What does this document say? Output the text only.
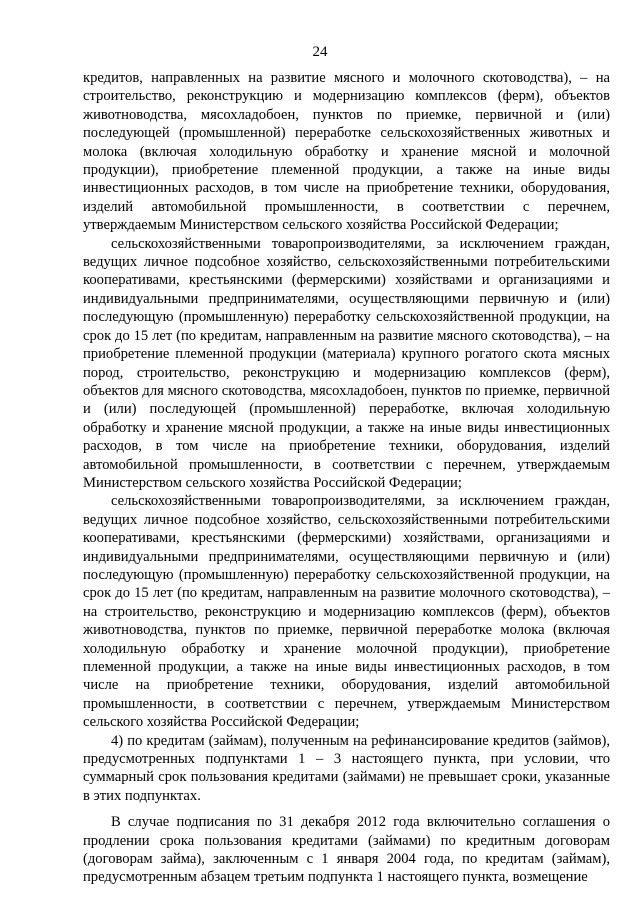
24

кредитов, направленных на развитие мясного и молочного скотоводства), – на строительство, реконструкцию и модернизацию комплексов (ферм), объектов животноводства, мясохладобоен, пунктов по приемке, первичной и (или) последующей (промышленной) переработке сельскохозяйственных животных и молока (включая холодильную обработку и хранение мясной и молочной продукции), приобретение племенной продукции, а также на иные виды инвестиционных расходов, в том числе на приобретение техники, оборудования, изделий автомобильной промышленности, в соответствии с перечнем, утверждаемым Министерством сельского хозяйства Российской Федерации;

сельскохозяйственными товаропроизводителями, за исключением граждан, ведущих личное подсобное хозяйство, сельскохозяйственными потребительскими кооперативами, крестьянскими (фермерскими) хозяйствами и организациями и индивидуальными предпринимателями, осуществляющими первичную и (или) последующую (промышленную) переработку сельскохозяйственной продукции, на срок до 15 лет (по кредитам, направленным на развитие мясного скотоводства), – на приобретение племенной продукции (материала) крупного рогатого скота мясных пород, строительство, реконструкцию и модернизацию комплексов (ферм), объектов для мясного скотоводства, мясохладобоен, пунктов по приемке, первичной и (или) последующей (промышленной) переработке, включая холодильную обработку и хранение мясной продукции, а также на иные виды инвестиционных расходов, в том числе на приобретение техники, оборудования, изделий автомобильной промышленности, в соответствии с перечнем, утверждаемым Министерством сельского хозяйства Российской Федерации;

сельскохозяйственными товаропроизводителями, за исключением граждан, ведущих личное подсобное хозяйство, сельскохозяйственными потребительскими кооперативами, крестьянскими (фермерскими) хозяйствами, организациями и индивидуальными предпринимателями, осуществляющими первичную и (или) последующую (промышленную) переработку сельскохозяйственной продукции, на срок до 15 лет (по кредитам, направленным на развитие молочного скотоводства), – на строительство, реконструкцию и модернизацию комплексов (ферм), объектов животноводства, пунктов по приемке, первичной переработке молока (включая холодильную обработку и хранение молочной продукции), приобретение племенной продукции, а также на иные виды инвестиционных расходов, в том числе на приобретение техники, оборудования, изделий автомобильной промышленности, в соответствии с перечнем, утверждаемым Министерством сельского хозяйства Российской Федерации;

4) по кредитам (займам), полученным на рефинансирование кредитов (займов), предусмотренных подпунктами 1 – 3 настоящего пункта, при условии, что суммарный срок пользования кредитами (займами) не превышает сроки, указанные в этих подпунктах.

В случае подписания по 31 декабря 2012 года включительно соглашения о продлении срока пользования кредитами (займами) по кредитным договорам (договорам займа), заключенным с 1 января 2004 года, по кредитам (займам), предусмотренным абзацем третьим подпункта 1 настоящего пункта, возмещение
